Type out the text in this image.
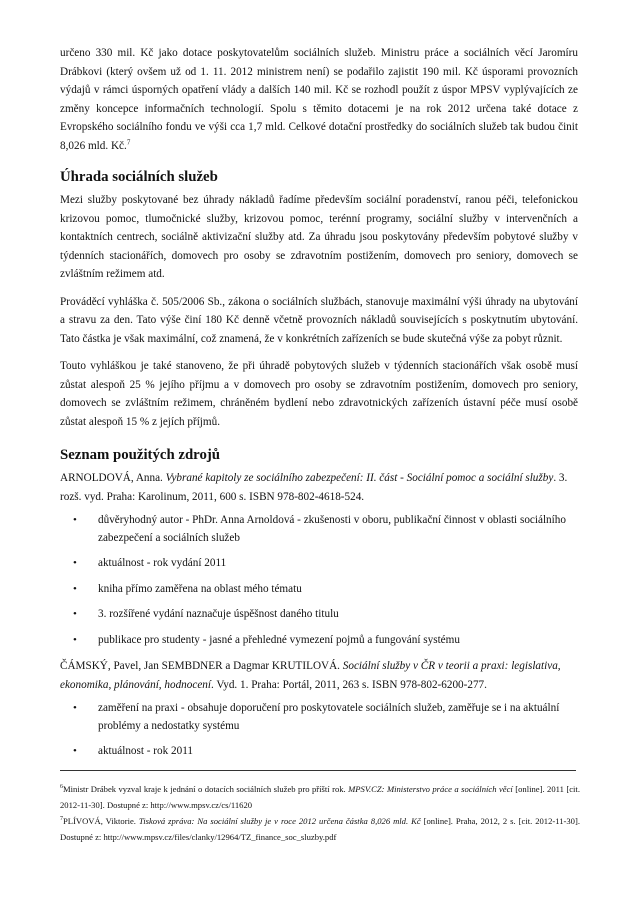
určeno 330 mil. Kč jako dotace poskytovatelům sociálních služeb. Ministru práce a sociálních věcí Jaromíru Drábkovi (který ovšem už od 1. 11. 2012 ministrem není) se podařilo zajistit 190 mil. Kč úsporami provozních výdajů v rámci úsporných opatření vlády a dalších 140 mil. Kč se rozhodl použít z úspor MPSV vyplývajících ze změny koncepce informačních technologií. Spolu s těmito dotacemi je na rok 2012 určena také dotace z Evropského sociálního fondu ve výši cca 1,7 mld. Celkové dotační prostředky do sociálních služeb tak budou činit 8,026 mld. Kč.$^7$

Úhrada sociálních služeb

Mezi služby poskytované bez úhrady nákladů řadíme především sociální poradenství, ranou péči, telefonickou krizovou pomoc, tlumočnické služby, krizovou pomoc, terénní programy, sociální služby v intervenčních a kontaktních centrech, sociálně aktivizační služby atd. Za úhradu jsou poskytovány především pobytové služby v týdenních stacionářích, domovech pro osoby se zdravotním postižením, domovech pro seniory, domovech se zvláštním režimem atd.

Prováděcí vyhláška č. 505/2006 Sb., zákona o sociálních službách, stanovuje maximální výši úhrady na ubytování a stravu za den. Tato výše činí 180 Kč denně včetně provozních nákladů souvisejících s poskytnutím ubytování. Tato částka je však maximální, což znamená, že v konkrétních zařízeních se bude skutečná výše za pobyt různit.

Touto vyhláškou je také stanoveno, že při úhradě pobytových služeb v týdenních stacionářích však osobě musí zůstat alespoň 25 % jejího příjmu a v domovech pro osoby se zdravotním postižením, domovech pro seniory, domovech se zvláštním režimem, chráněném bydlení nebo zdravotnických zařízeních ústavní péče musí osobě zůstat alespoň 15 % z jejích příjmů.

Seznam použitých zdrojů

ARNOLDOVÁ, Anna. Vybrané kapitoly ze sociálního zabezpečení: II. část - Sociální pomoc a sociální služby. 3. rozš. vyd. Praha: Karolinum, 2011, 600 s. ISBN 978-802-4618-524.

• důvěryhodný autor - PhDr. Anna Arnoldová - zkušenosti v oboru, publikační činnost v oblasti sociálního zabezpečení a sociálních služeb
• aktuálnost - rok vydání 2011
• kniha přímo zaměřena na oblast mého tématu
• 3. rozšířené vydání naznačuje úspěšnost daného titulu
• publikace pro studenty - jasné a přehledné vymezení pojmů a fungování systému

ČÁMSKÝ, Pavel, Jan SEMBDNER a Dagmar KRUTILOVÁ. Sociální služby v ČR v teorii a praxi: legislativa, ekonomika, plánování, hodnocení. Vyd. 1. Praha: Portál, 2011, 263 s. ISBN 978-802-6200-277.

• zaměření na praxi - obsahuje doporučení pro poskytovatele sociálních služeb, zaměřuje se i na aktuální problémy a nedostatky systému
• aktuálnost - rok 2011

$^6$Ministr Drábek vyzval kraje k jednání o dotacích sociálních služeb pro příští rok. MPSV.CZ: Ministerstvo práce a sociálních věcí [online]. 2011 [cit. 2012-11-30]. Dostupné z: http://www.mpsv.cz/cs/11620

$^7$PLÍVOVÁ, Viktorie. Tisková zpráva: Na sociální služby je v roce 2012 určena částka 8,026 mld. Kč [online]. Praha, 2012, 2 s. [cit. 2012-11-30]. Dostupné z: http://www.mpsv.cz/files/clanky/12964/TZ_finance_soc_sluzby.pdf
